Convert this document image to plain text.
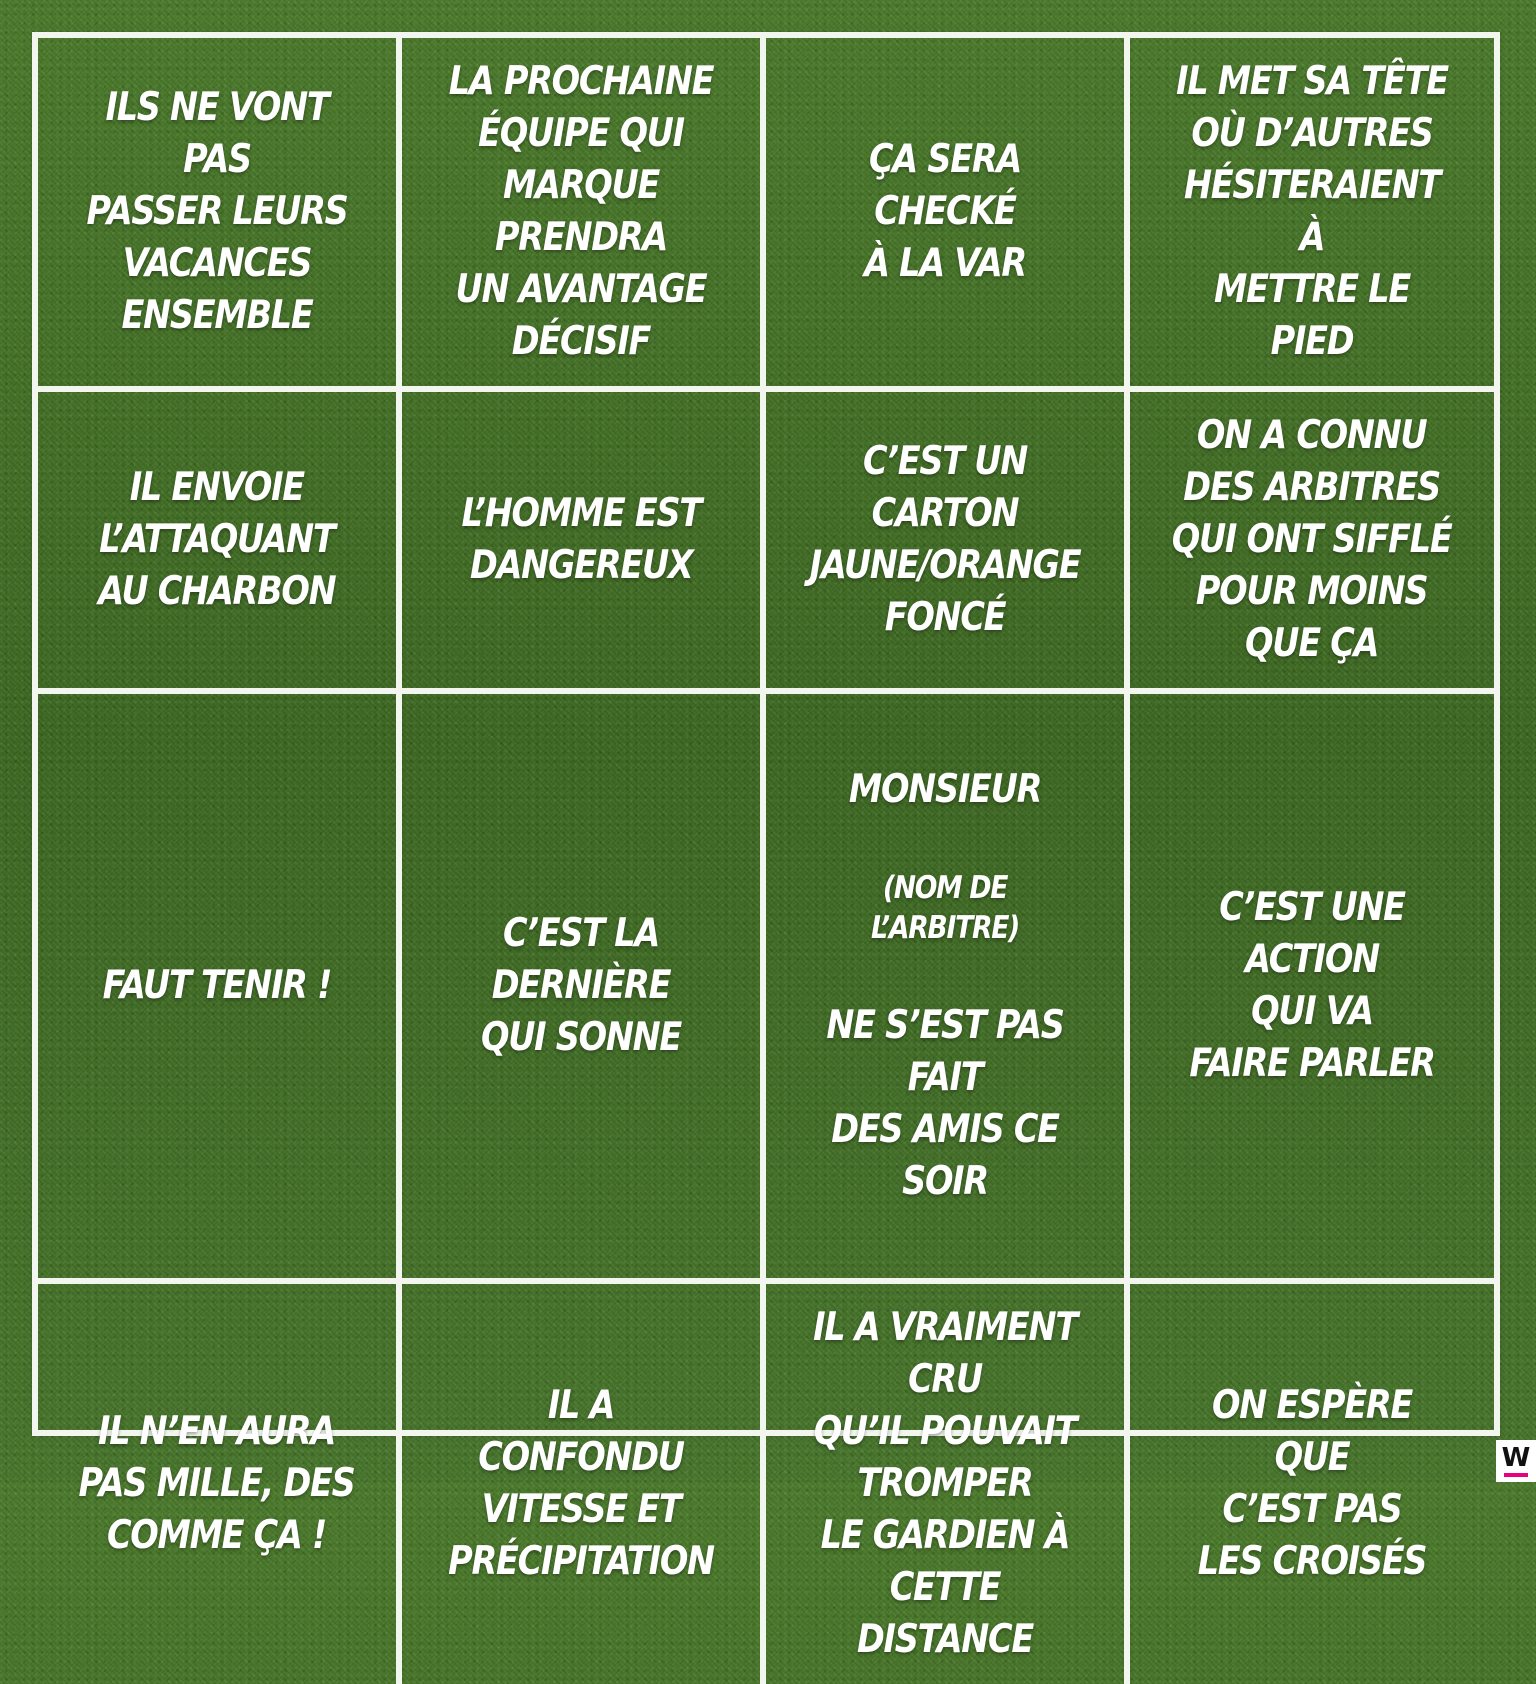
ILS NE VONT PAS
PASSER LEURS
VACANCES ENSEMBLE
LA PROCHAINE
ÉQUIPE QUI
MARQUE PRENDRA
UN AVANTAGE
DÉCISIF
ÇA SERA CHECKÉ
À LA VAR
IL MET SA TÊTE
OÙ D’AUTRES
HÉSITERAIENT À
METTRE LE PIED
IL ENVOIE
L’ATTAQUANT
AU CHARBON
L’HOMME EST
DANGEREUX
C’EST UN CARTON
JAUNE/ORANGE
FONCÉ
ON A CONNU
DES ARBITRES
QUI ONT SIFFLÉ
POUR MOINS
QUE ÇA
FAUT TENIR !
C’EST LA DERNIÈRE
QUI SONNE

MONSIEUR

(NOM DE L’ARBITRE)

NE S’EST PAS FAIT
DES AMIS CE SOIR

C’EST UNE ACTION
QUI VA
FAIRE PARLER
IL N’EN AURA
PAS MILLE, DES
COMME ÇA !
IL A CONFONDU
VITESSE ET
PRÉCIPITATION
IL A VRAIMENT CRU
QU’IL POUVAIT
TROMPER
LE GARDIEN À
CETTE DISTANCE
ON ESPÈRE QUE
C’EST PAS
LES CROISÉS
W
